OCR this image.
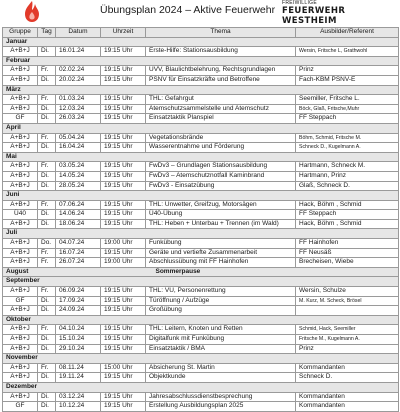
Übungsplan 2024 – Aktive Feuerwehr
FREIWILLIGE
FEUERWEHR WESTHEIM
Gruppe	Tag	Datum	Uhrzeit	Thema	Ausbilder/Referent
Januar					
A+B+J	Di.	16.01.24	19:15 Uhr	Erste-Hilfe: Stationsausbildung	Wersin, Fritsche L, Grathwohl
Februar					
A+B+J	Fr.	02.02.24	19:15 Uhr	UVV, Blaulichtbelehrung, Rechtsgrundlagen	Prinz
A+B+J	Di.	20.02.24	19:15 Uhr	PSNV für Einsatzkräfte und Betroffene	Fach-KBM PSNV-E
März					
A+B+J	Fr.	01.03.24	19:15 Uhr	THL: Gefahrgut	Seemiller, Fritsche L.
A+B+J	Di.	12.03.24	19:15 Uhr	Atemschutzsammelstelle und Atemschutz	Böck, Glaß, Fritsche,Muhr
GF	Di.	26.03.24	19:15 Uhr	Einsatztaktik Planspiel	FF Steppach
April					
A+B+J	Fr.	05.04.24	19:15 Uhr	Vegetationsbrände	Böhm, Schmid, Fritsche M.
A+B+J	Di.	16.04.24	19:15 Uhr	Wasserentnahme und Förderung	Schneck D., Kugelmann A.
Mai					
A+B+J	Fr.	03.05.24	19:15 Uhr	FwDv3 – Grundlagen Stationsausbildung	Hartmann, Schneck M.
A+B+J	Di.	14.05.24	19:15 Uhr	FwDv3 – Atemschutznotfall Kaminbrand	Hartmann, Prinz
A+B+J	Di.	28.05.24	19:15 Uhr	FwDv3 - Einsatzübung	Glaß, Schneck D.
Juni					
A+B+J	Fr.	07.06.24	19:15 Uhr	THL: Unwetter, Greifzug, Motorsägen	Hack, Böhm , Schmid
Ü40	Di.	14.06.24	19:15 Uhr	Ü40-Übung	FF Steppach
A+B+J	Di.	18.06.24	19:15 Uhr	THL: Heben + Unterbau + Trennen (im Wald)	Hack, Böhm , Schmid
Juli					
A+B+J	Do.	04.07.24	19:00 Uhr	Funkübung	FF Hainhofen
A+B+J	Fr.	16.07.24	19:15 Uhr	Geräte und vertiefte Zusammenarbeit	FF Neusäß
A+B+J	Fr.	26.07.24	19:00 Uhr	Abschlussübung mit FF Hainhofen	Brecheisen, Wiebe
August				Sommerpause	
September					
A+B+J	Fr.	06.09.24	19:15 Uhr	THL: VU, Personenrettung	Wersin, Schulze
GF	Di.	17.09.24	19:15 Uhr	Türöffnung / Aufzüge	M. Kurz, M. Scheck, Brösel
A+B+J	Di.	24.09.24	19:15 Uhr	Großübung	
Oktober					
A+B+J	Fr.	04.10.24	19:15 Uhr	THL: Leitern, Knoten und Retten	Schmid, Hack, Seemiller
A+B+J	Di.	15.10.24	19:15 Uhr	Digitalfunk mit Funkübung	Fritsche M., Kugelmann A.
A+B+J	Di.	29.10.24	19:15 Uhr	Einsatztaktik / BMA	Prinz
November					
A+B+J	Fr.	08.11.24	15:00 Uhr	Absicherung St. Martin	Kommandanten
A+B+J	Di.	19.11.24	19:15 Uhr	Objektkunde	Schneck D.
Dezember					
A+B+J	Di.	03.12.24	19:15 Uhr	Jahresabschlussdienstbesprechung	Kommandanten
GF	Di.	10.12.24	19:15 Uhr	Erstellung Ausbildungsplan 2025	Kommandanten
